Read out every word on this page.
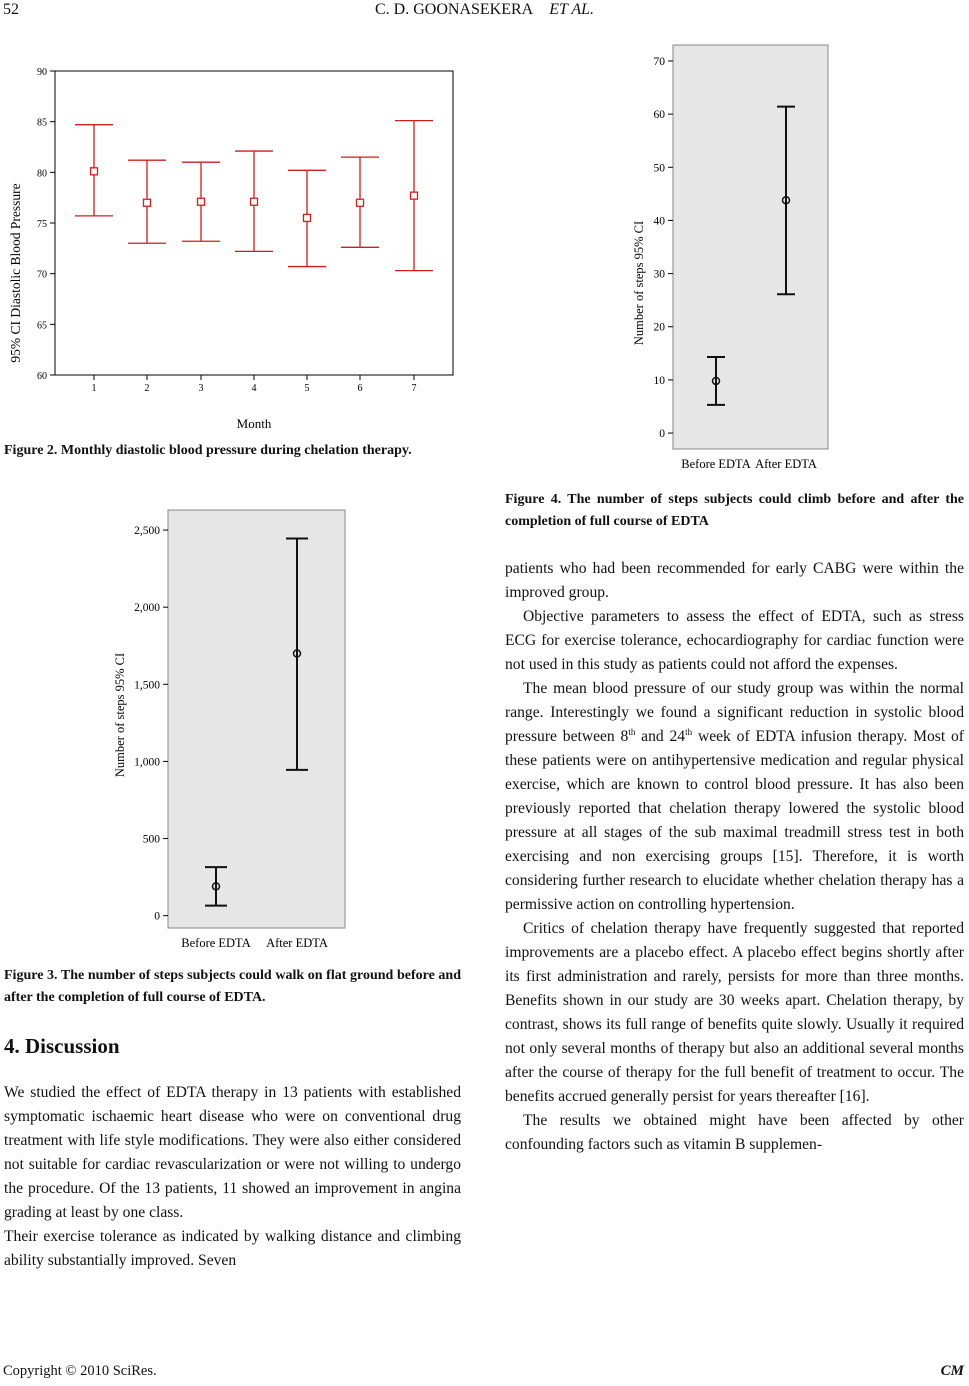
52	C. D. GOONASEKERA ET AL.
60
65
70
75
80
85
90
1	2	3	4	5	6	7
95% CI Diastolic Blood Pressure
Month
Figure 2. Monthly diastolic blood pressure during chelation therapy.
0
500
1,000
1,500
2,000
2,500
Before EDTA After EDTA
Number of steps 95% CI
Figure 3. The number of steps subjects could walk on flat ground before and after the completion of full course of EDTA.
4. Discussion

We studied the effect of EDTA therapy in 13 patients with established symptomatic ischaemic heart disease who were on conventional drug treatment with life style modifications. They were also either considered not suitable for cardiac revascularization or were not willing to undergo the procedure. Of the 13 patients, 11 showed an improvement in angina grading at least by one class.

Their exercise tolerance as indicated by walking distance and climbing ability substantially improved. Seven

0
10
20
30
40
50
60
70
Before EDTA After EDTA
Number of steps 95% CI
Figure 4. The number of steps subjects could climb before and after the completion of full course of EDTA

patients who had been recommended for early CABG were within the improved group.

Objective parameters to assess the effect of EDTA, such as stress ECG for exercise tolerance, echocardiography for cardiac function were not used in this study as patients could not afford the expenses.

The mean blood pressure of our study group was within the normal range. Interestingly we found a significant reduction in systolic blood pressure between 8th and 24th week of EDTA infusion therapy. Most of these patients were on antihypertensive medication and regular physical exercise, which are known to control blood pressure. It has also been previously reported that chelation therapy lowered the systolic blood pressure at all stages of the sub maximal treadmill stress test in both exercising and non exercising groups [15]. Therefore, it is worth considering further research to elucidate whether chelation therapy has a permissive action on controlling hypertension.

Critics of chelation therapy have frequently suggested that reported improvements are a placebo effect. A placebo effect begins shortly after its first administration and rarely, persists for more than three months. Benefits shown in our study are 30 weeks apart. Chelation therapy, by contrast, shows its full range of benefits quite slowly. Usually it required not only several months of therapy but also an additional several months after the course of therapy for the full benefit of treatment to occur. The benefits accrued generally persist for years thereafter [16].

The results we obtained might have been affected by other confounding factors such as vitamin B supplemen-

Copyright © 2010 SciRes.	CM
